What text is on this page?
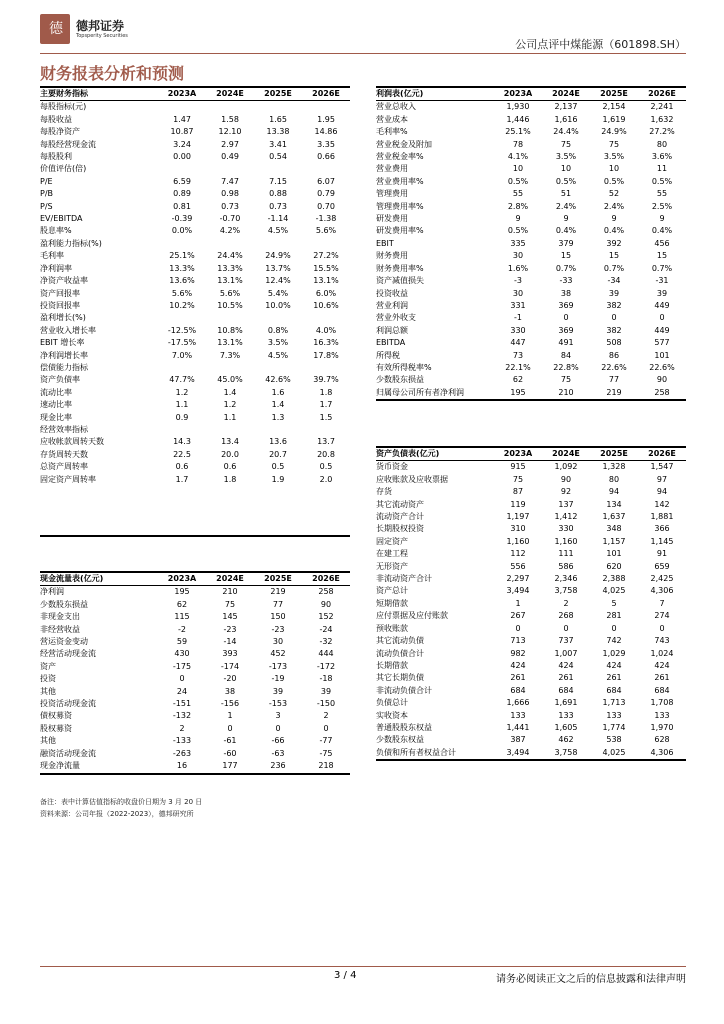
德 德邦证券
Topsperity Securities
公司点评中煤能源（601898.SH）
财务报表分析和预测
主要财务指标	2023A	2024E	2025E	2026E
每股指标(元)				
每股收益	1.47	1.58	1.65	1.95
每股净资产	10.87	12.10	13.38	14.86
每股经营现金流	3.24	2.97	3.41	3.35
每股股利	0.00	0.49	0.54	0.66
价值评估(倍)				
P/E	6.59	7.47	7.15	6.07
P/B	0.89	0.98	0.88	0.79
P/S	0.81	0.73	0.73	0.70
EV/EBITDA	-0.39	-0.70	-1.14	-1.38
股息率%	0.0%	4.2%	4.5%	5.6%
盈利能力指标(%)				
毛利率	25.1%	24.4%	24.9%	27.2%
净利润率	13.3%	13.3%	13.7%	15.5%
净资产收益率	13.6%	13.1%	12.4%	13.1%
资产回报率	5.6%	5.6%	5.4%	6.0%
投资回报率	10.2%	10.5%	10.0%	10.6%
盈利增长(%)				
营业收入增长率	-12.5%	10.8%	0.8%	4.0%
EBIT 增长率	-17.5%	13.1%	3.5%	16.3%
净利润增长率	7.0%	7.3%	4.5%	17.8%
偿债能力指标				
资产负债率	47.7%	45.0%	42.6%	39.7%
流动比率	1.2	1.4	1.6	1.8
速动比率	1.1	1.2	1.4	1.7
现金比率	0.9	1.1	1.3	1.5
经营效率指标				
应收帐款周转天数	14.3	13.4	13.6	13.7
存货周转天数	22.5	20.0	20.7	20.8
总资产周转率	0.6	0.6	0.5	0.5
固定资产周转率	1.7	1.8	1.9	2.0

利润表(亿元)	2023A	2024E	2025E	2026E
营业总收入	1,930	2,137	2,154	2,241
营业成本	1,446	1,616	1,619	1,632
毛利率%	25.1%	24.4%	24.9%	27.2%
营业税金及附加	78	75	75	80
营业税金率%	4.1%	3.5%	3.5%	3.6%
营业费用	10	10	10	11
营业费用率%	0.5%	0.5%	0.5%	0.5%
管理费用	55	51	52	55
管理费用率%	2.8%	2.4%	2.4%	2.5%
研发费用	9	9	9	9
研发费用率%	0.5%	0.4%	0.4%	0.4%
EBIT	335	379	392	456
财务费用	30	15	15	15
财务费用率%	1.6%	0.7%	0.7%	0.7%
资产减值损失	-3	-33	-34	-31
投资收益	30	38	39	39
营业利润	331	369	382	449
营业外收支	-1	0	0	0
利润总额	330	369	382	449
EBITDA	447	491	508	577
所得税	73	84	86	101
有效所得税率%	22.1%	22.8%	22.6%	22.6%
少数股东损益	62	75	77	90
归属母公司所有者净利润	195	210	219	258
资产负债表(亿元)	2023A	2024E	2025E	2026E
货币资金	915	1,092	1,328	1,547
应收账款及应收票据	75	90	80	97
存货	87	92	94	94
其它流动资产	119	137	134	142
流动资产合计	1,197	1,412	1,637	1,881
长期股权投资	310	330	348	366
固定资产	1,160	1,160	1,157	1,145
在建工程	112	111	101	91
无形资产	556	586	620	659
非流动资产合计	2,297	2,346	2,388	2,425
资产总计	3,494	3,758	4,025	4,306
短期借款	1	2	5	7
应付票据及应付账款	267	268	281	274
预收账款	0	0	0	0
其它流动负债	713	737	742	743
流动负债合计	982	1,007	1,029	1,024
长期借款	424	424	424	424
其它长期负债	261	261	261	261
非流动负债合计	684	684	684	684
负债总计	1,666	1,691	1,713	1,708
实收资本	133	133	133	133
普通股股东权益	1,441	1,605	1,774	1,970
少数股东权益	387	462	538	628
负债和所有者权益合计	3,494	3,758	4,025	4,306
现金流量表(亿元)	2023A	2024E	2025E	2026E
净利润	195	210	219	258
少数股东损益	62	75	77	90
非现金支出	115	145	150	152
非经营收益	-2	-23	-23	-24
营运资金变动	59	-14	30	-32
经营活动现金流	430	393	452	444
资产	-175	-174	-173	-172
投资	0	-20	-19	-18
其他	24	38	39	39
投资活动现金流	-151	-156	-153	-150
债权募资	-132	1	3	2
股权募资	2	0	0	0
其他	-133	-61	-66	-77
融资活动现金流	-263	-60	-63	-75
现金净流量	16	177	236	218
备注：表中计算估值指标的收盘价日期为 3 月 20 日
资料来源：公司年报（2022-2023），德邦研究所
3 / 4	请务必阅读正文之后的信息披露和法律声明
